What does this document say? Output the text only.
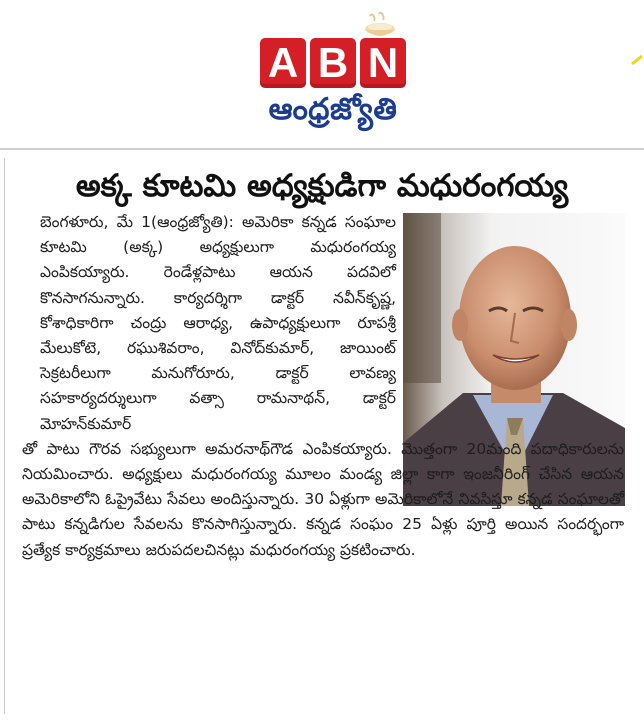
A B N
ఆంధ్రజ్యోతి
అక్క కూటమి అధ్యక్షుడిగా మధురంగయ్య

బెంగళూరు, మే 1(ఆంధ్రజ్యోతి): అమెరికా కన్నడ సంఘాల కూటమి (అక్క) అధ్యక్షులుగా మధురంగయ్య ఎంపికయ్యారు. రెండేళ్లపాటు ఆయన పదవిలో కొనసాగనున్నారు. కార్యదర్శిగా డాక్టర్ నవీన్‌కృష్ణ, కోశాధికారిగా చంద్రు ఆరాధ్య, ఉపాధ్యక్షులుగా రూపశ్రీ మేలుకోటె, రఘుశివరాం, వినోద్‌కుమార్, జాయింట్ సెక్రటరీలుగా మనుగోరూరు, డాక్టర్ లావణ్య సహకార్యదర్శులుగా వత్సా రామనాథన్, డాక్టర్ మోహన్‌కుమార్

తో పాటు గౌరవ సభ్యులుగా అమరనాథ్‌గౌడ ఎంపికయ్యారు. మొత్తంగా 20మంది పదాధికారులను నియమించారు. అధ్యక్షులు మధురంగయ్య మూలం మండ్య జిల్లా కాగా ఇంజనీరింగ్ చేసిన ఆయన అమెరికాలోని ఓప్రైవేటు సేవలు అందిస్తున్నారు. 30 ఏళ్లుగా అమెరికాలోనే నివసిస్తూ కన్నడ సంఘాలతో పాటు కన్నడిగుల సేవలను కొనసాగిస్తున్నారు. కన్నడ సంఘం 25 ఏళ్లు పూర్తి అయిన సందర్భంగా ప్రత్యేక కార్యక్రమాలు జరుపదలచినట్లు మధురంగయ్య ప్రకటించారు.
